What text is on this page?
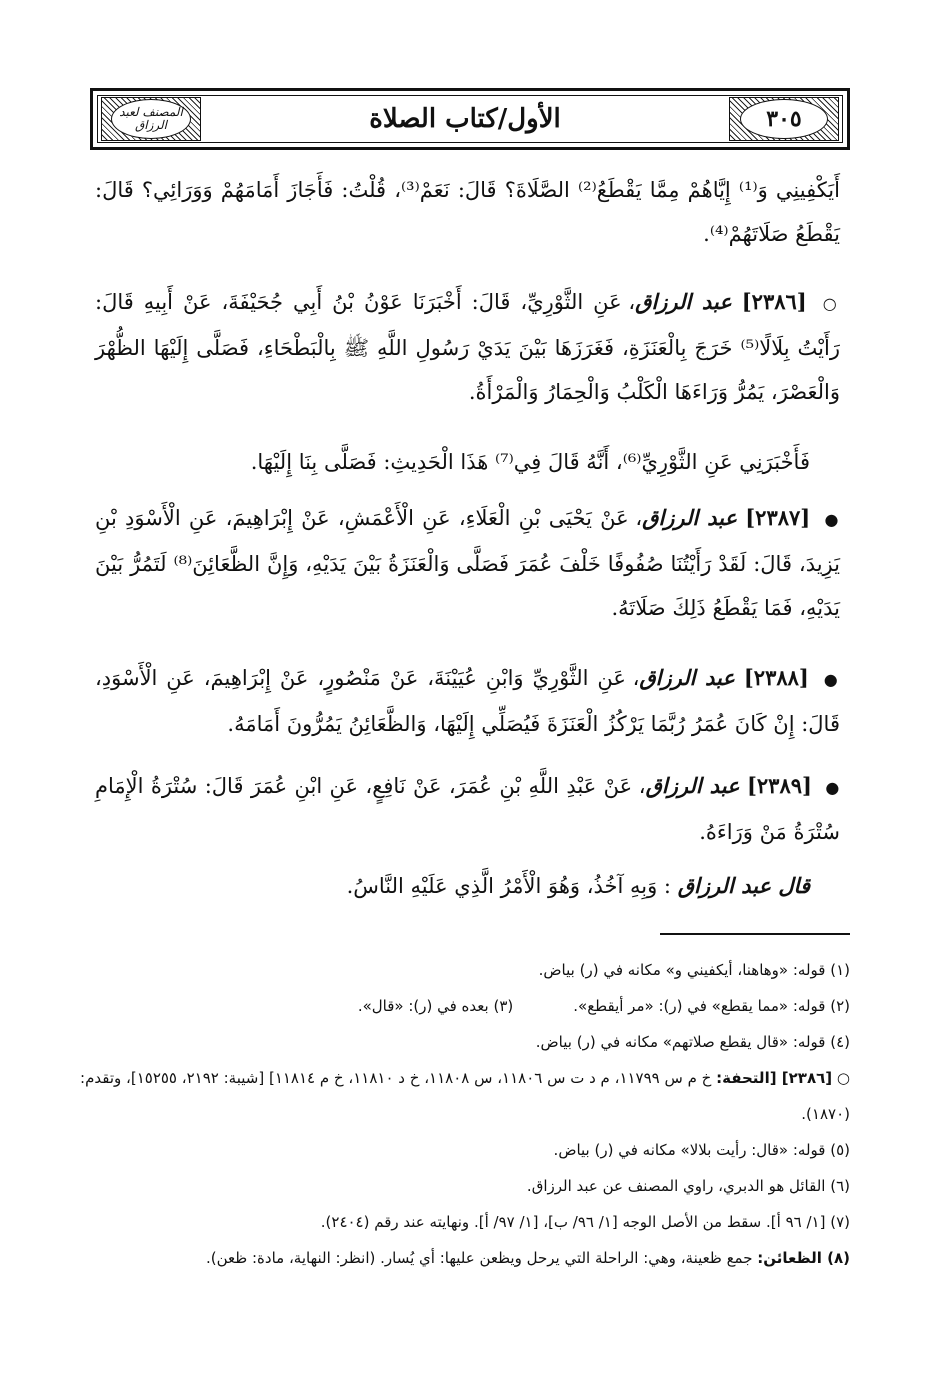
المصنف لعبد الرزاق	الأول/كتاب الصلاة	٣٠٥

أَيَكْفِينِي وَ⁽¹⁾ إِيَّاهُمْ مِمَّا يَقْطَعُ⁽²⁾ الصَّلَاةَ؟ قَالَ: نَعَمْ⁽³⁾، قُلْتُ: فَأَجَازَ أَمَامَهُمْ وَوَرَائِي؟ قَالَ: يَقْطَعُ صَلَاتَهُمْ⁽⁴⁾.

○ [٢٣٨٦] عبد الرزاق، عَنِ الثَّوْرِيِّ، قَالَ: أَخْبَرَنَا عَوْنُ بْنُ أَبِي جُحَيْفَةَ، عَنْ أَبِيهِ قَالَ: رَأَيْتُ بِلَالًا⁽⁵⁾ خَرَجَ بِالْعَنَزَةِ، فَغَرَزَهَا بَيْنَ يَدَيْ رَسُولِ اللَّهِ ﷺ بِالْبَطْحَاءِ، فَصَلَّى إِلَيْهَا الظُّهْرَ وَالْعَصْرَ، يَمُرُّ وَرَاءَهَا الْكَلْبُ وَالْحِمَارُ وَالْمَرْأَةُ.

فَأَخْبَرَنِي عَنِ الثَّوْرِيِّ⁽⁶⁾، أَنَّهُ قَالَ فِي⁽⁷⁾ هَذَا الْحَدِيثِ: فَصَلَّى بِنَا إِلَيْهَا.

● [٢٣٨٧] عبد الرزاق، عَنْ يَحْيَى بْنِ الْعَلَاءِ، عَنِ الْأَعْمَشِ، عَنْ إِبْرَاهِيمَ، عَنِ الْأَسْوَدِ بْنِ يَزِيدَ، قَالَ: لَقَدْ رَأَيْتُنَا صُفُوفًا خَلْفَ عُمَرَ فَصَلَّى وَالْعَنَزَةُ بَيْنَ يَدَيْهِ، وَإِنَّ الظَّعَائِنَ⁽⁸⁾ لَتَمُرُّ بَيْنَ يَدَيْهِ، فَمَا يَقْطَعُ ذَلِكَ صَلَاتَهُ.

● [٢٣٨٨] عبد الرزاق، عَنِ الثَّوْرِيِّ وَابْنِ عُيَيْنَةَ، عَنْ مَنْصُورٍ، عَنْ إِبْرَاهِيمَ، عَنِ الْأَسْوَدِ، قَالَ: إِنْ كَانَ عُمَرُ رُبَّمَا يَرْكُزُ الْعَنَزَةَ فَيُصَلِّي إِلَيْهَا، وَالظَّعَائِنُ يَمُرُّونَ أَمَامَهُ.

● [٢٣٨٩] عبد الرزاق، عَنْ عَبْدِ اللَّهِ بْنِ عُمَرَ، عَنْ نَافِعٍ، عَنِ ابْنِ عُمَرَ قَالَ: سُتْرَةُ الْإِمَامِ سُتْرَةُ مَنْ وَرَاءَهُ.

قال عبد الرزاق : وَبِهِ آخُذُ، وَهُوَ الْأَمْرُ الَّذِي عَلَيْهِ النَّاسُ.

(١) قوله: «وهاهنا، أيكفيني و» مكانه في (ر) بياض.

(٢) قوله: «مما يقطع» في (ر): «مر أيقطع».
(٣) بعده في (ر): «قال».

(٤) قوله: «قال يقطع صلاتهم» مكانه في (ر) بياض.

○ [٢٣٨٦] [التحفة: خ م س ١١٧٩٩، م د ت س ١١٨٠٦، س ١١٨٠٨، خ د ١١٨١٠، خ م ١١٨١٤] [شيبة: ٢١٩٢، ١٥٢٥٥]، وتقدم: (١٨٧٠).

(٥) قوله: «قال: رأيت بلالا» مكانه في (ر) بياض.

(٦) القائل هو الدبري، راوي المصنف عن عبد الرزاق.

(٧) [١/ ٩٦ أ]. سقط من الأصل الوجه [١/ ٩٦/ ب]، [١/ ٩٧/ أ]. ونهايته عند رقم (٢٤٠٤).

(٨) الظعائن: جمع ظعينة، وهي: الراحلة التي يرحل ويظعن عليها: أي يُسار. (انظر: النهاية، مادة: ظعن).
